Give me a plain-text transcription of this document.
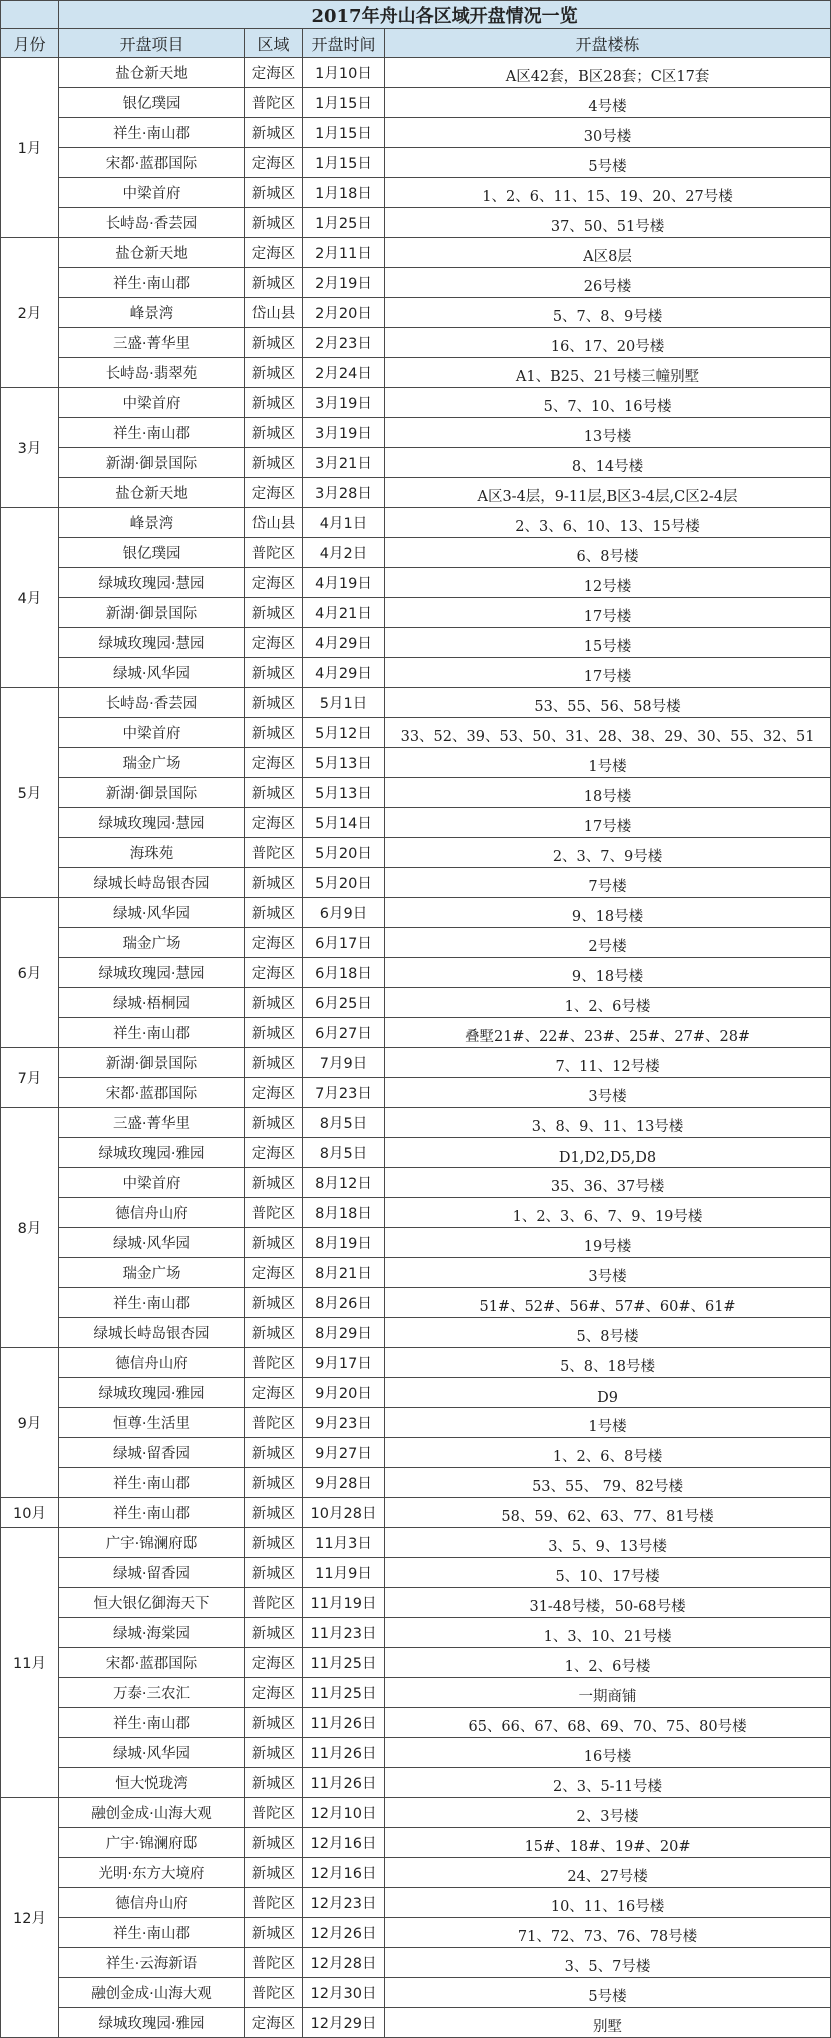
	2017年舟山各区域开盘情况一览			
月份	开盘项目	区域	开盘时间	开盘楼栋
1月	盐仓新天地	定海区	1月10日	A区42套，B区28套；C区17套
	银亿璞园	普陀区	1月15日	4号楼
	祥生·南山郡	新城区	1月15日	30号楼
	宋都·蓝郡国际	定海区	1月15日	5号楼
	中梁首府	新城区	1月18日	1、2、6、11、15、19、20、27号楼
	长峙岛·香芸园	新城区	1月25日	37、50、51号楼
2月	盐仓新天地	定海区	2月11日	A区8层
	祥生·南山郡	新城区	2月19日	26号楼
	峰景湾	岱山县	2月20日	5、7、8、9号楼
	三盛·菁华里	新城区	2月23日	16、17、20号楼
	长峙岛·翡翠苑	新城区	2月24日	A1、B25、21号楼三幢别墅
3月	中梁首府	新城区	3月19日	5、7、10、16号楼
	祥生·南山郡	新城区	3月19日	13号楼
	新湖·御景国际	新城区	3月21日	8、14号楼
	盐仓新天地	定海区	3月28日	A区3-4层，9-11层,B区3-4层,C区2-4层
4月	峰景湾	岱山县	4月1日	2、3、6、10、13、15号楼
	银亿璞园	普陀区	4月2日	6、8号楼
	绿城玫瑰园·慧园	定海区	4月19日	12号楼
	新湖·御景国际	新城区	4月21日	17号楼
	绿城玫瑰园·慧园	定海区	4月29日	15号楼
	绿城·风华园	新城区	4月29日	17号楼
5月	长峙岛·香芸园	新城区	5月1日	53、55、56、58号楼
	中梁首府	新城区	5月12日	33、52、39、53、50、31、28、38、29、30、55、32、51
	瑞金广场	定海区	5月13日	1号楼
	新湖·御景国际	新城区	5月13日	18号楼
	绿城玫瑰园·慧园	定海区	5月14日	17号楼
	海珠苑	普陀区	5月20日	2、3、7、9号楼
	绿城长峙岛银杏园	新城区	5月20日	7号楼
6月	绿城·风华园	新城区	6月9日	9、18号楼
	瑞金广场	定海区	6月17日	2号楼
	绿城玫瑰园·慧园	定海区	6月18日	9、18号楼
	绿城·梧桐园	新城区	6月25日	1、2、6号楼
	祥生·南山郡	新城区	6月27日	叠墅21#、22#、23#、25#、27#、28#
7月	新湖·御景国际	新城区	7月9日	7、11、12号楼
	宋都·蓝郡国际	定海区	7月23日	3号楼
8月	三盛·菁华里	新城区	8月5日	3、8、9、11、13号楼
	绿城玫瑰园·雅园	定海区	8月5日	D1,D2,D5,D8
	中梁首府	新城区	8月12日	35、36、37号楼
	德信舟山府	普陀区	8月18日	1、2、3、6、7、9、19号楼
	绿城·风华园	新城区	8月19日	19号楼
	瑞金广场	定海区	8月21日	3号楼
	祥生·南山郡	新城区	8月26日	51#、52#、56#、57#、60#、61#
	绿城长峙岛银杏园	新城区	8月29日	5、8号楼
9月	德信舟山府	普陀区	9月17日	5、8、18号楼
	绿城玫瑰园·雅园	定海区	9月20日	D9
	恒尊·生活里	普陀区	9月23日	1号楼
	绿城·留香园	新城区	9月27日	1、2、6、8号楼
	祥生·南山郡	新城区	9月28日	53、55、 79、82号楼
10月	祥生·南山郡	新城区	10月28日	58、59、62、63、77、81号楼
11月	广宇·锦澜府邸	新城区	11月3日	3、5、9、13号楼
	绿城·留香园	新城区	11月9日	5、10、17号楼
	恒大银亿御海天下	普陀区	11月19日	31-48号楼，50-68号楼
	绿城·海棠园	新城区	11月23日	1、3、10、21号楼
	宋都·蓝郡国际	定海区	11月25日	1、2、6号楼
	万泰·三农汇	定海区	11月25日	一期商铺
	祥生·南山郡	新城区	11月26日	65、66、67、68、69、70、75、80号楼
	绿城·风华园	新城区	11月26日	16号楼
	恒大悦珑湾	新城区	11月26日	2、3、5-11号楼
12月	融创金成·山海大观	普陀区	12月10日	2、3号楼
	广宇·锦澜府邸	新城区	12月16日	15#、18#、19#、20#
	光明·东方大境府	新城区	12月16日	24、27号楼
	德信舟山府	普陀区	12月23日	10、11、16号楼
	祥生·南山郡	新城区	12月26日	71、72、73、76、78号楼
	祥生·云海新语	普陀区	12月28日	3、5、7号楼
	融创金成·山海大观	普陀区	12月30日	5号楼
	绿城玫瑰园·雅园	定海区	12月29日	别墅
